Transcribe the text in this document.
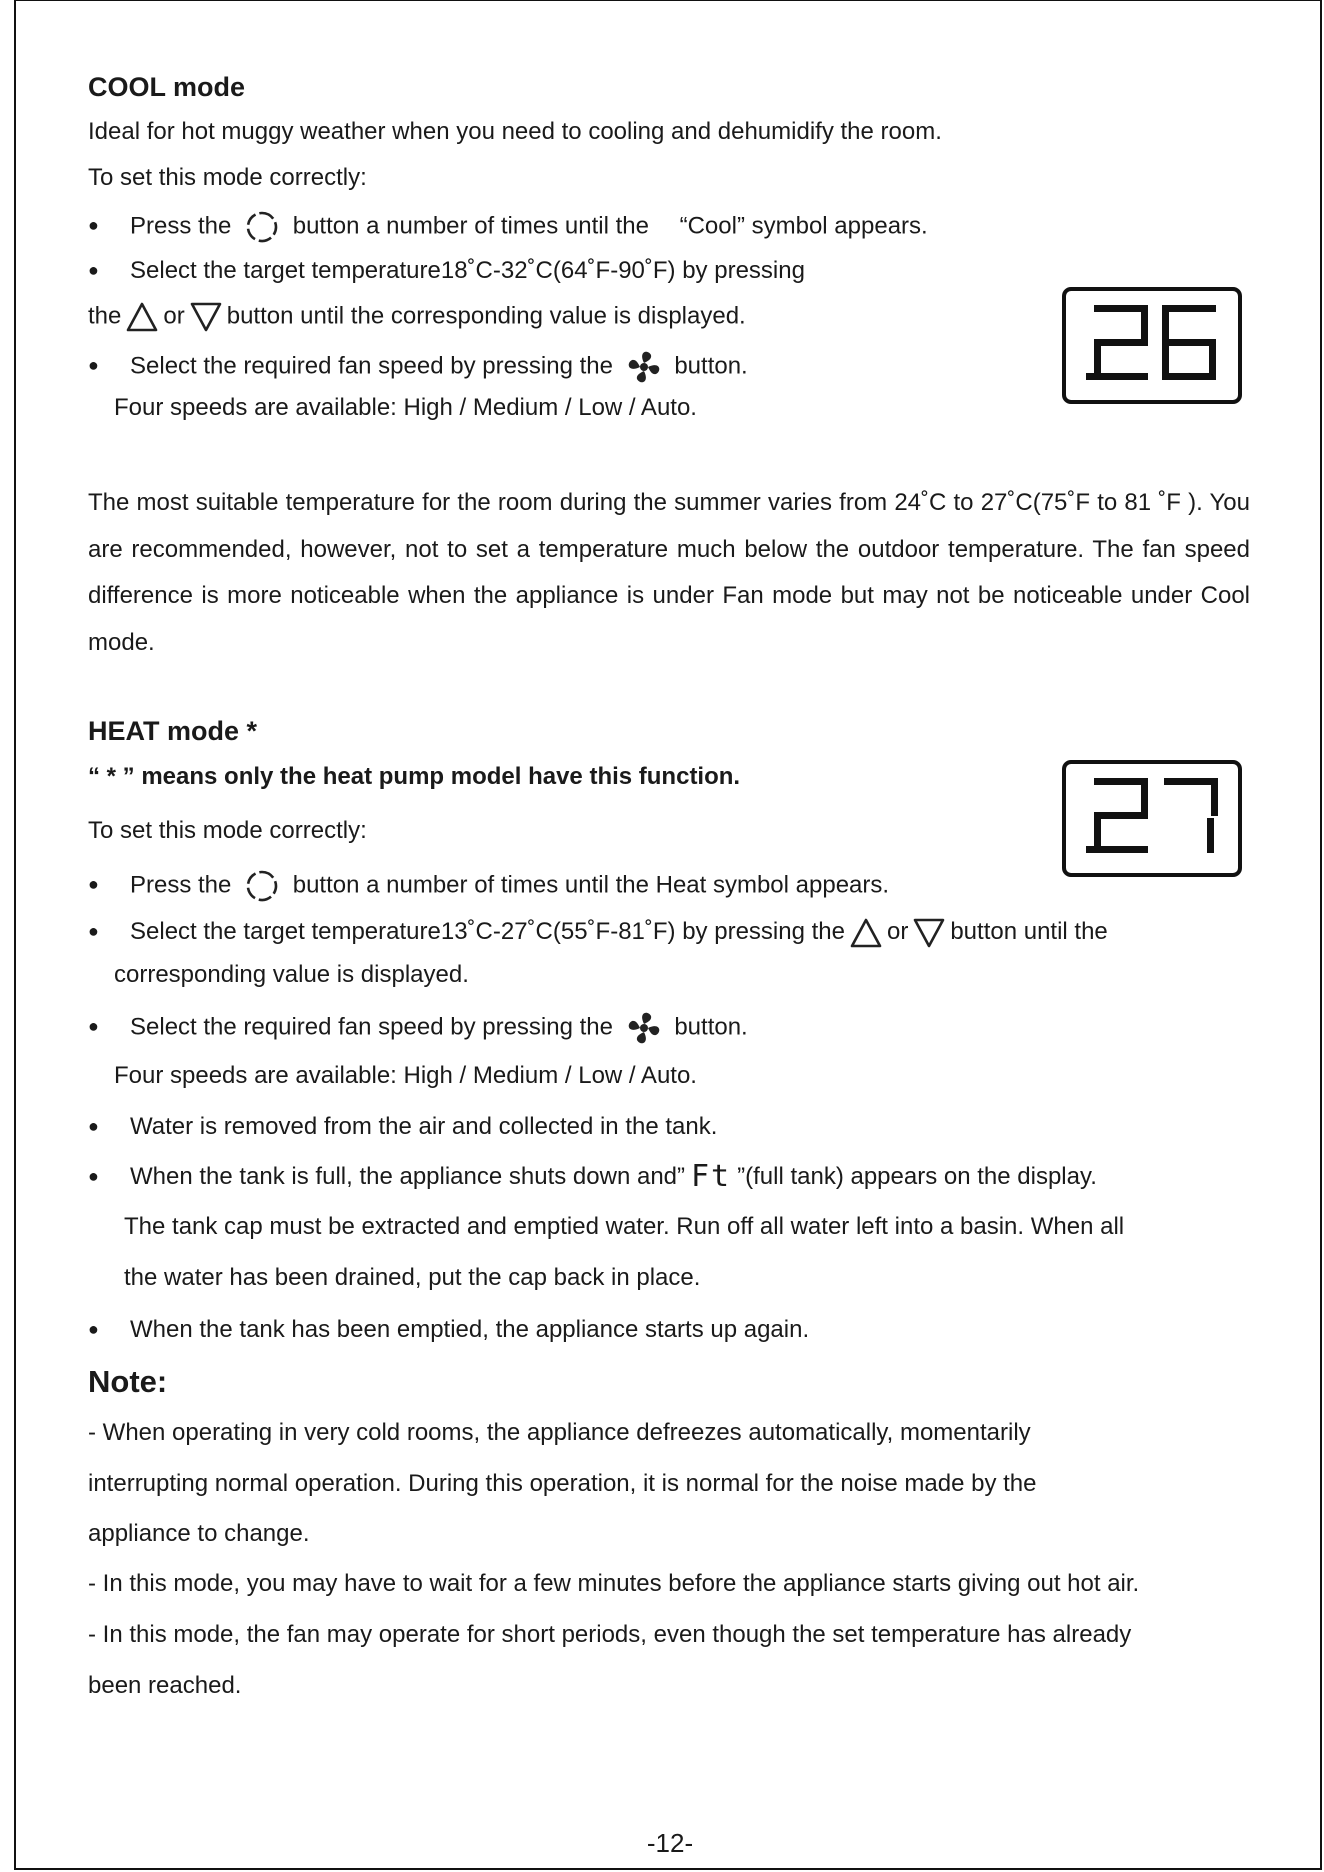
COOL mode
Ideal for hot muggy weather when you need to cooling and dehumidify the room.
To set this mode correctly:
● Press the	button a number of times until the 　“Cool” symbol appears.
● Select the target temperature18˚C-32˚C(64˚F-90˚F) by pressing
the or button until the corresponding value is displayed.
● Select the required fan speed by pressing the	button.
Four speeds are available: High / Medium / Low / Auto.
The most suitable temperature for the room during the summer varies from 24˚C to 27˚C(75˚F to 81 ˚F ). You are recommended, however, not to set a temperature much below the outdoor temperature. The fan speed difference is more noticeable when the appliance is under Fan mode but may not be noticeable under Cool mode.
HEAT mode *
“ * ” means only the heat pump model have this function.
To set this mode correctly:
● Press the	button a number of times until the Heat symbol appears.
● Select the target temperature13˚C-27˚C(55˚F-81˚F) by pressing the or button until the
corresponding value is displayed.
● Select the required fan speed by pressing the	button.
Four speeds are available: High / Medium / Low / Auto.
● Water is removed from the air and collected in the tank.
● When the tank is full, the appliance shuts down and” Ft ”(full tank) appears on the display.
The tank cap must be extracted and emptied water. Run off all water left into a basin. When all
the water has been drained, put the cap back in place.
● When the tank has been emptied, the appliance starts up again.
Note:
- When operating in very cold rooms, the appliance defreezes automatically, momentarily
interrupting normal operation. During this operation, it is normal for the noise made by the
appliance to change.
- In this mode, you may have to wait for a few minutes before the appliance starts giving out hot air.
- In this mode, the fan may operate for short periods, even though the set temperature has already
been reached.
-12-
